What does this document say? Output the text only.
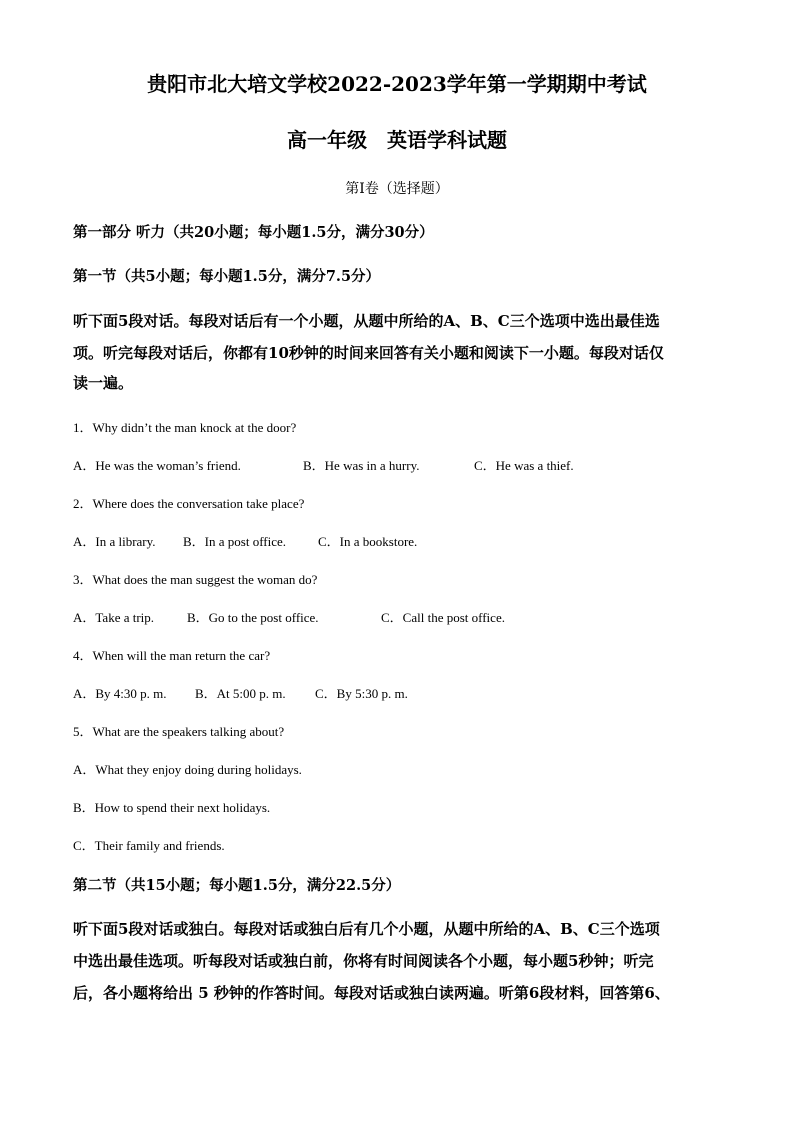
贵阳市北大培文学校2022-2023学年第一学期期中考试
高一年级　英语学科试题
第Ⅰ卷（选择题）
第一部分 听力（共20小题；每小题1.5分，满分30分）
第一节（共5小题；每小题1.5分，满分7.5分）
听下面5段对话。每段对话后有一个小题，从题中所给的A、B、C三个选项中选出最佳选
项。听完每段对话后，你都有10秒钟的时间来回答有关小题和阅读下一小题。每段对话仅
读一遍。
1．Why didn’t the man knock at the door?
A．He was the woman’s friend.	B．He was in a hurry.	C．He was a thief.
2．Where does the conversation take place?
A．In a library. B．In a post office. C．In a bookstore.
3．What does the man suggest the woman do?
A．Take a trip.	B．Go to the post office.	C．Call the post office.
4．When will the man return the car?
A．By 4:30 p. m. B．At 5:00 p. m. C．By 5:30 p. m.
5．What are the speakers talking about?
A．What they enjoy doing during holidays.
B．How to spend their next holidays.
C．Their family and friends.
第二节（共15小题；每小题1.5分，满分22.5分）
听下面5段对话或独白。每段对话或独白后有几个小题，从题中所给的A、B、C三个选项
中选出最佳选项。听每段对话或独白前，你将有时间阅读各个小题，每小题5秒钟；听完
后，各小题将给出 5 秒钟的作答时间。每段对话或独白读两遍。听第6段材料，回答第6、
